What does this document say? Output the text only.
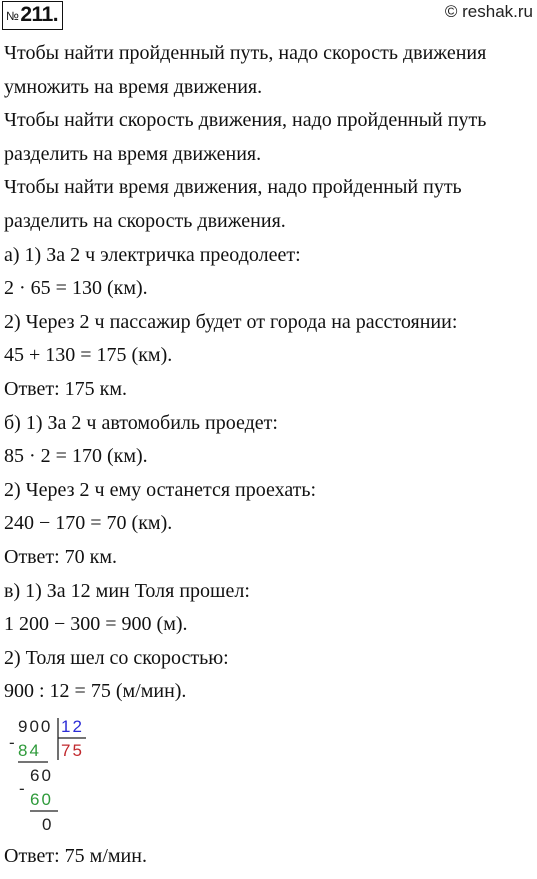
№ 211.	© reshak.ru

Чтобы найти пройденный путь, надо скорость движения

умножить на время движения.

Чтобы найти скорость движения, надо пройденный путь

разделить на время движения.

Чтобы найти время движения, надо пройденный путь

разделить на скорость движения.

а) 1) За 2 ч электричка преодолеет:

2 · 65 = 130 (км).

2) Через 2 ч пассажир будет от города на расстоянии:

45 + 130 = 175 (км).

Ответ: 175 км.

б) 1) За 2 ч автомобиль проедет:

85 · 2 = 170 (км).

2) Через 2 ч ему останется проехать:

240 − 170 = 70 (км).

Ответ: 70 км.

в) 1) За 12 мин Толя прошел:

1 200 − 300 = 900 (м).

2) Толя шел со скоростью:

900 : 12 = 75 (м/мин).

900 12
75
- 84
60
-
60
0
Ответ: 75 м/мин.
